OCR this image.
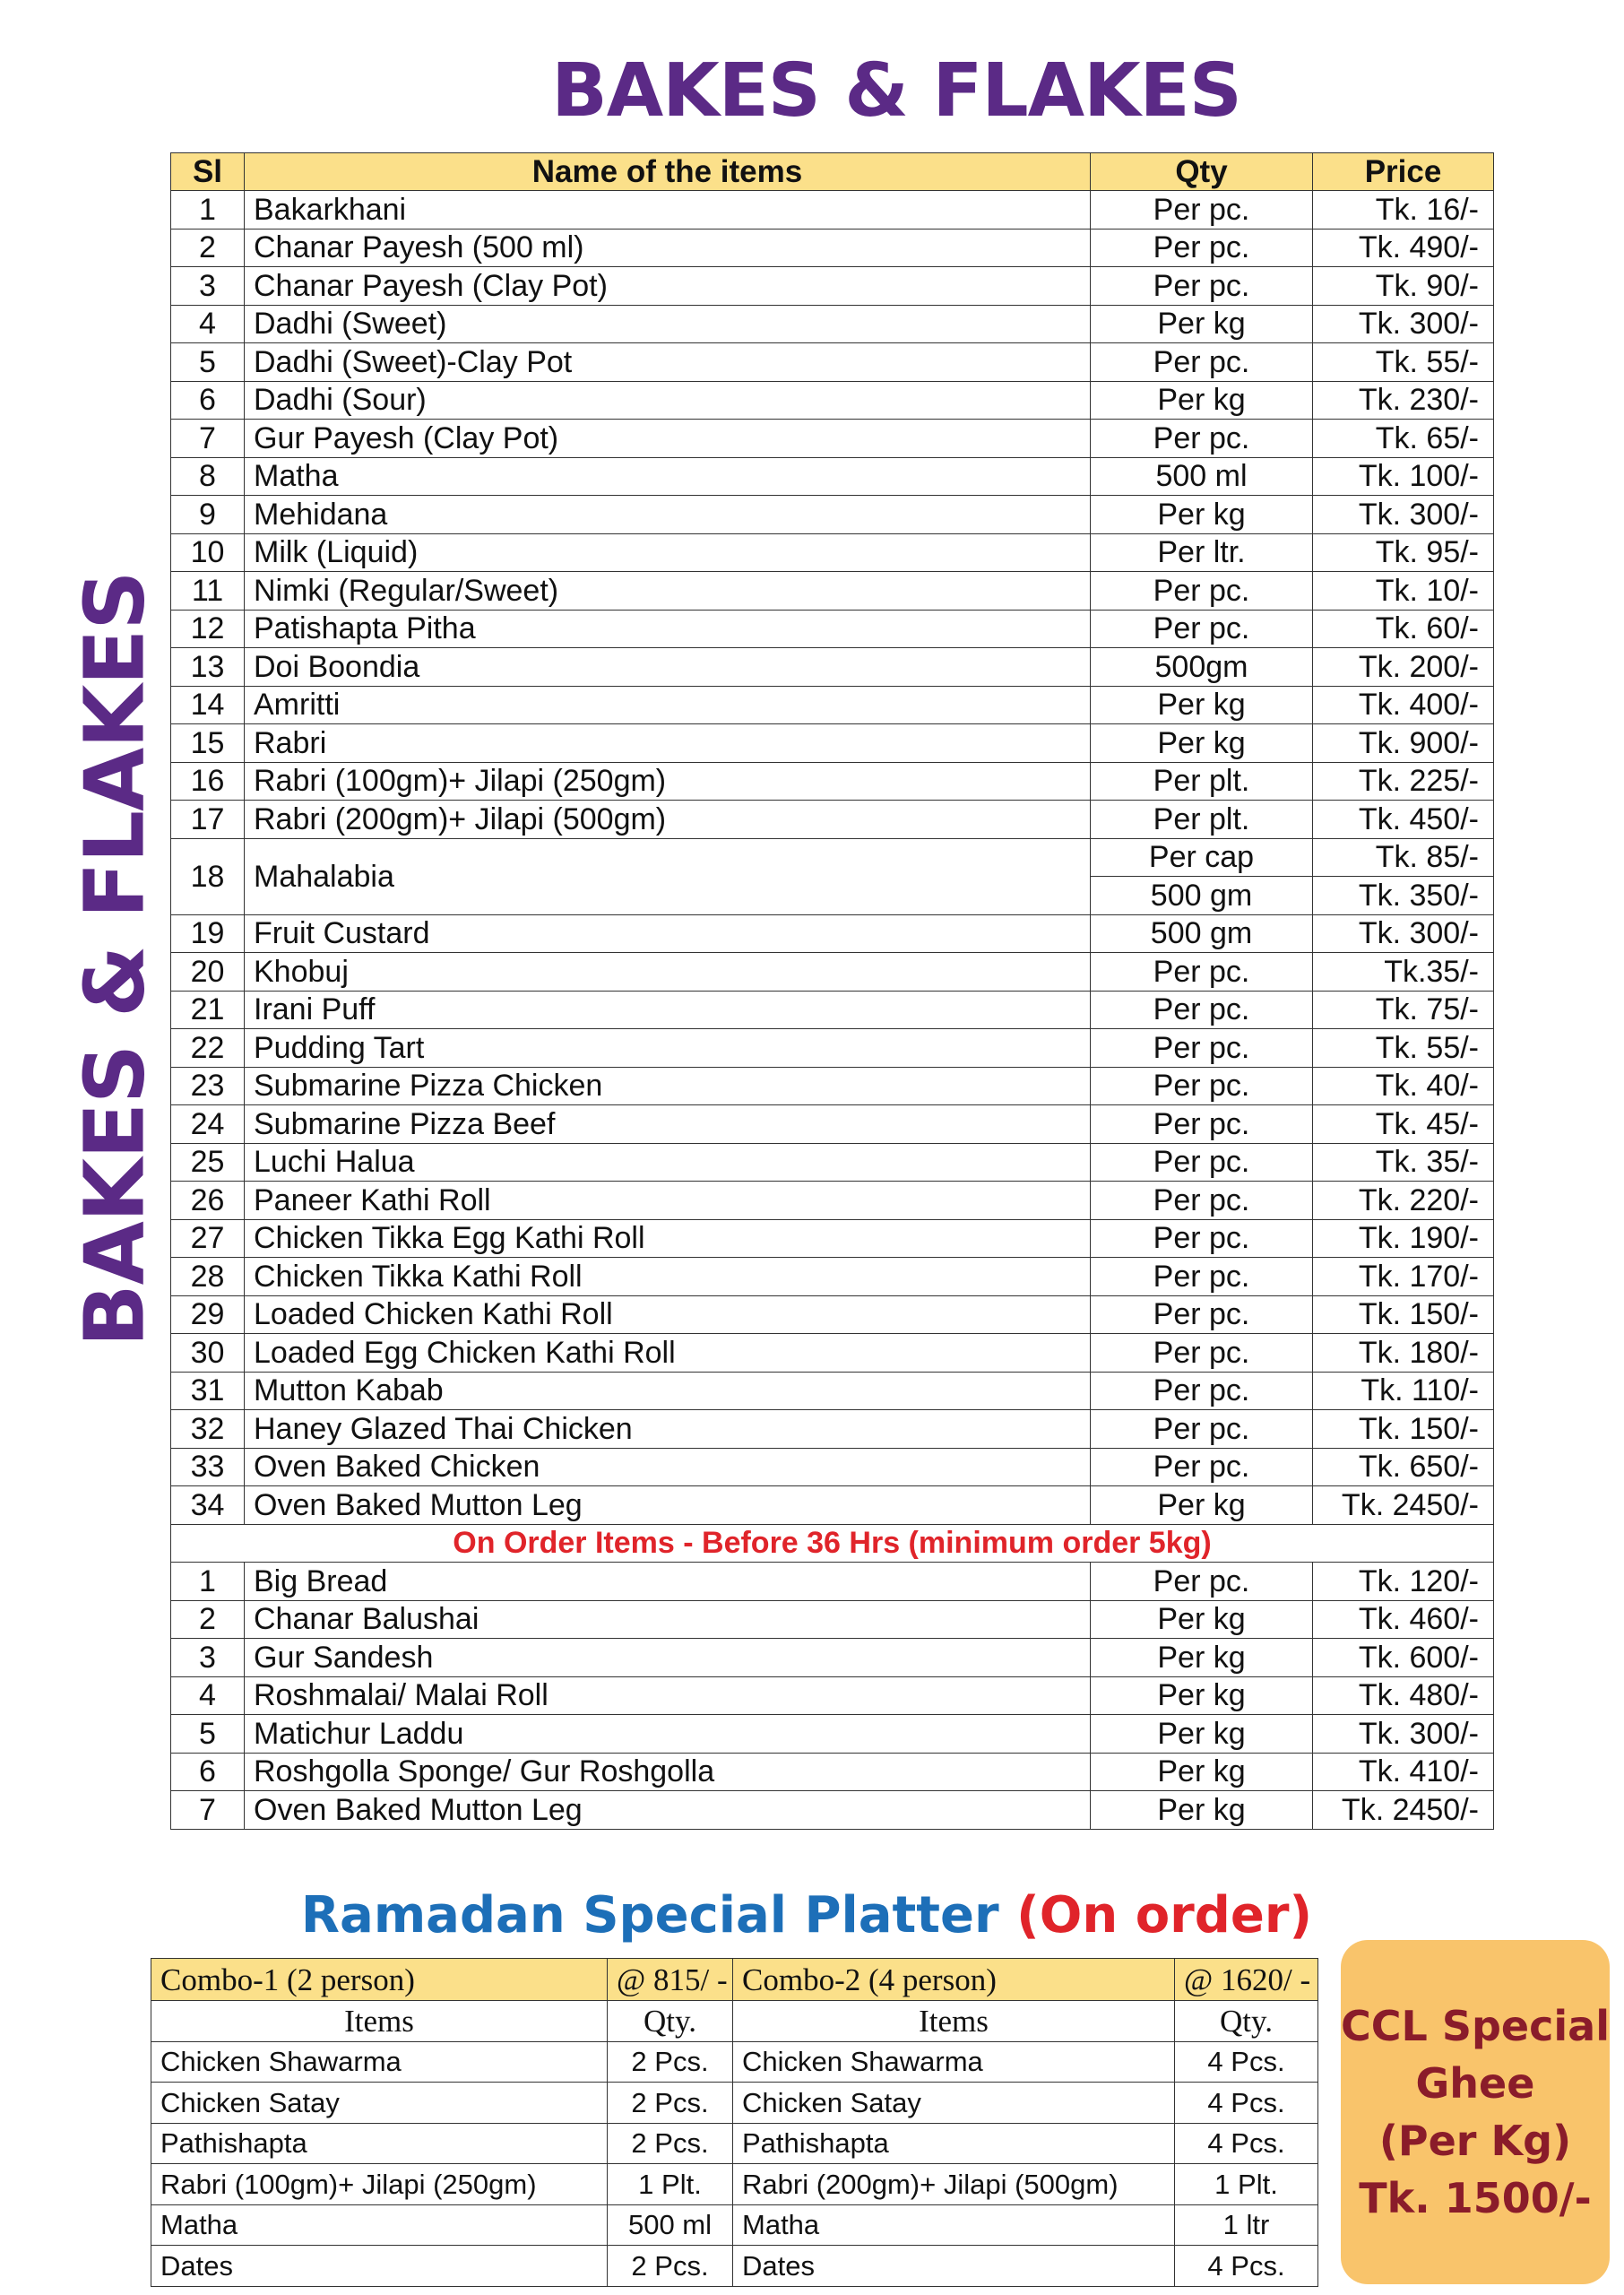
BAKES & FLAKES
BAKES & FLAKES
Sl	Name of the items	Qty	Price
1	Bakarkhani	Per pc.	Tk. 16/-
2	Chanar Payesh (500 ml)	Per pc.	Tk. 490/-
3	Chanar Payesh (Clay Pot)	Per pc.	Tk. 90/-
4	Dadhi (Sweet)	Per kg	Tk. 300/-
5	Dadhi (Sweet)-Clay Pot	Per pc.	Tk. 55/-
6	Dadhi (Sour)	Per kg	Tk. 230/-
7	Gur Payesh (Clay Pot)	Per pc.	Tk. 65/-
8	Matha	500 ml	Tk. 100/-
9	Mehidana	Per kg	Tk. 300/-
10	Milk (Liquid)	Per ltr.	Tk. 95/-
11	Nimki (Regular/Sweet)	Per pc.	Tk. 10/-
12	Patishapta Pitha	Per pc.	Tk. 60/-
13	Doi Boondia	500gm	Tk. 200/-
14	Amritti	Per kg	Tk. 400/-
15	Rabri	Per kg	Tk. 900/-
16	Rabri (100gm)+ Jilapi (250gm)	Per plt.	Tk. 225/-
17	Rabri (200gm)+ Jilapi (500gm)	Per plt.	Tk. 450/-
18	Mahalabia	Per cap	Tk. 85/-
		500 gm	Tk. 350/-
19	Fruit Custard	500 gm	Tk. 300/-
20	Khobuj	Per pc.	Tk.35/-
21	Irani Puff	Per pc.	Tk. 75/-
22	Pudding Tart	Per pc.	Tk. 55/-
23	Submarine Pizza Chicken	Per pc.	Tk. 40/-
24	Submarine Pizza Beef	Per pc.	Tk. 45/-
25	Luchi Halua	Per pc.	Tk. 35/-
26	Paneer Kathi Roll	Per pc.	Tk. 220/-
27	Chicken Tikka Egg Kathi Roll	Per pc.	Tk. 190/-
28	Chicken Tikka Kathi Roll	Per pc.	Tk. 170/-
29	Loaded Chicken Kathi Roll	Per pc.	Tk. 150/-
30	Loaded Egg Chicken Kathi Roll	Per pc.	Tk. 180/-
31	Mutton Kabab	Per pc.	Tk. 110/-
32	Haney Glazed Thai Chicken	Per pc.	Tk. 150/-
33	Oven Baked Chicken	Per pc.	Tk. 650/-
34	Oven Baked Mutton Leg	Per kg	Tk. 2450/-
On Order Items - Before 36 Hrs (minimum order 5kg)			
1	Big Bread	Per pc.	Tk. 120/-
2	Chanar Balushai	Per kg	Tk. 460/-
3	Gur Sandesh	Per kg	Tk. 600/-
4	Roshmalai/ Malai Roll	Per kg	Tk. 480/-
5	Matichur Laddu	Per kg	Tk. 300/-
6	Roshgolla Sponge/ Gur Roshgolla	Per kg	Tk. 410/-
7	Oven Baked Mutton Leg	Per kg	Tk. 2450/-
Ramadan Special Platter (On order)
Combo-1 (2 person)	@ 815/ -	Combo-2 (4 person)	@ 1620/ -
Items	Qty.	Items	Qty.
Chicken Shawarma	2 Pcs.	Chicken Shawarma	4 Pcs.
Chicken Satay	2 Pcs.	Chicken Satay	4 Pcs.
Pathishapta	2 Pcs.	Pathishapta	4 Pcs.
Rabri (100gm)+ Jilapi (250gm)	1 Plt.	Rabri (200gm)+ Jilapi (500gm)	1 Plt.
Matha	500 ml	Matha	1 ltr
Dates	2 Pcs.	Dates	4 Pcs.
CCL Special
Ghee
(Per Kg)
Tk. 1500/-
